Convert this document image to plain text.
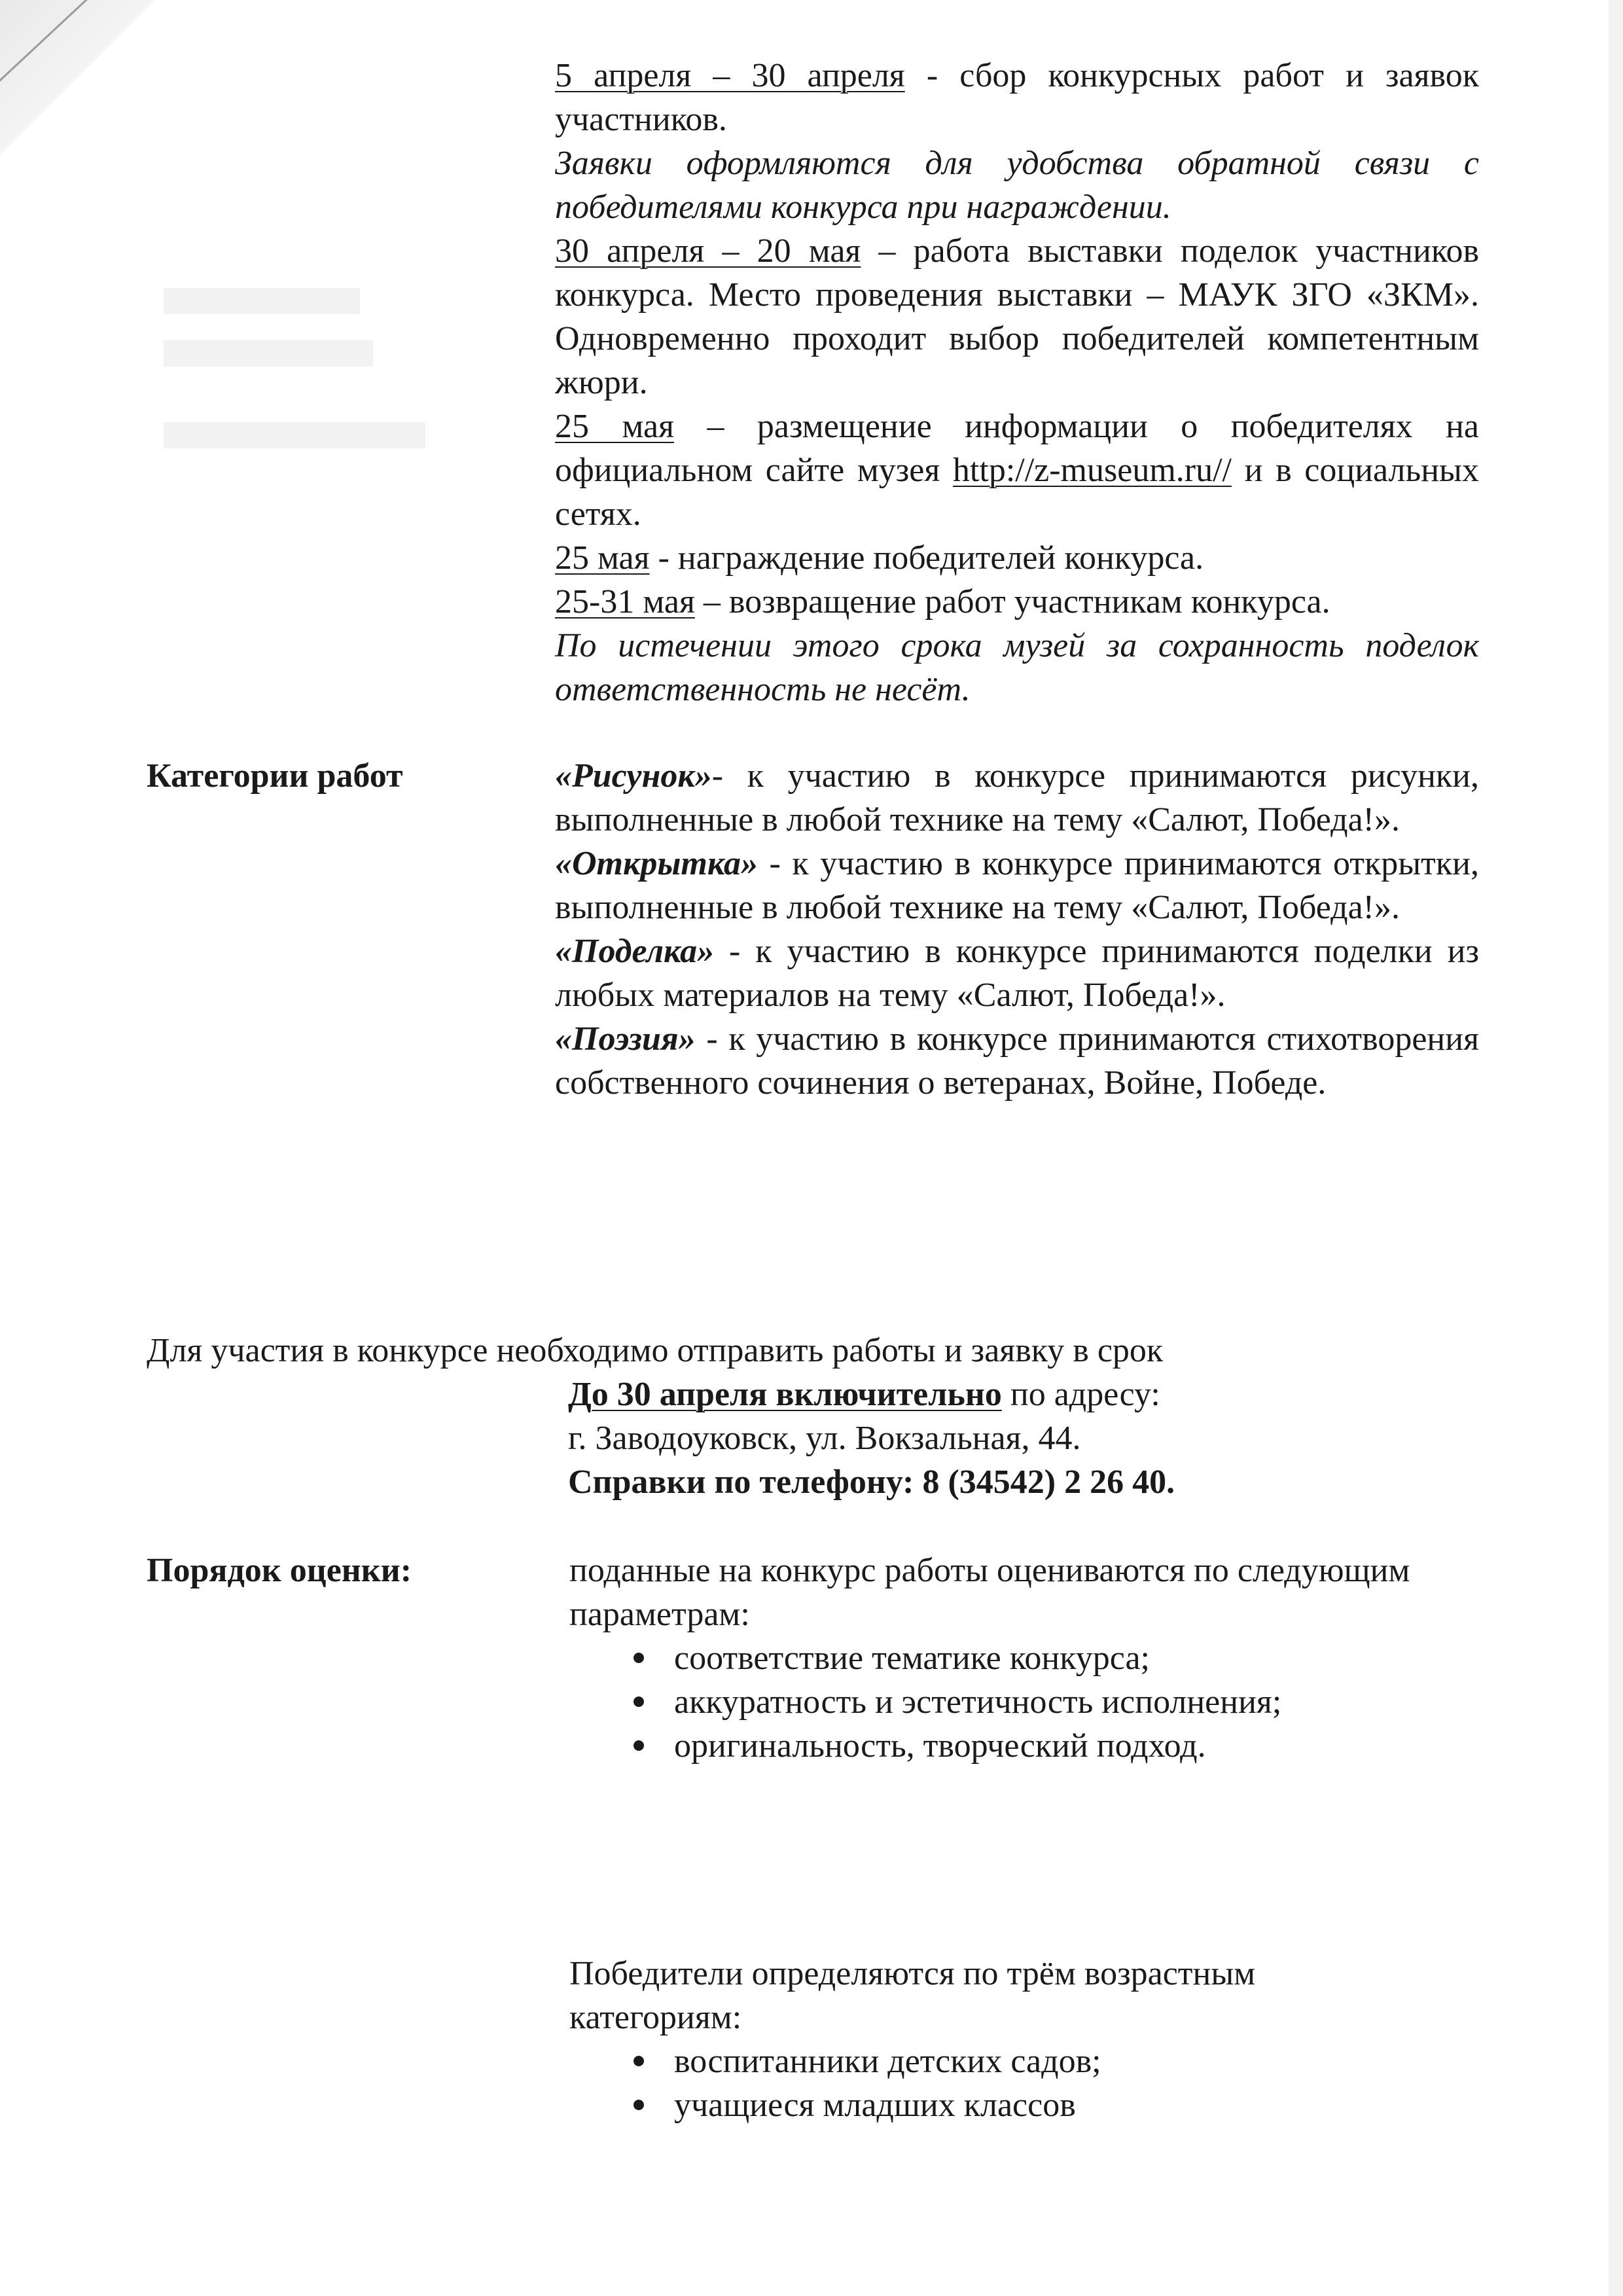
5 апреля – 30 апреля - сбор конкурсных работ и заявок участников.

Заявки оформляются для удобства обратной связи с победителями конкурса при награждении.

30 апреля – 20 мая – работа выставки поделок участников конкурса. Место проведения выставки – МАУК ЗГО «ЗКМ». Одновременно проходит выбор победителей компетентным жюри.

25 мая – размещение информации о победителях на официальном сайте музея http://z-museum.ru// и в социальных сетях.

25 мая - награждение победителей конкурса.

25-31 мая – возвращение работ участникам конкурса.

По истечении этого срока музей за сохранность поделок ответственность не несёт.

Категории работ	«Рисунок»- к участию в конкурсе принимаются рисунки, выполненные в любой технике на тему «Салют, Победа!».

«Открытка» - к участию в конкурсе принимаются открытки, выполненные в любой технике на тему «Салют, Победа!».

«Поделка» - к участию в конкурсе принимаются поделки из любых материалов на тему «Салют, Победа!».

«Поэзия» - к участию в конкурсе принимаются стихотворения собственного сочинения о ветеранах, Войне, Победе.

Для участия в конкурсе необходимо отправить работы и заявку в срок

До 30 апреля включительно по адресу:

г. Заводоуковск, ул. Вокзальная, 44.

Справки по телефону: 8 (34542) 2 26 40.

Порядок оценки:	поданные на конкурс работы оцениваются по следующим параметрам:

соответствие тематике конкурса;
аккуратность и эстетичность исполнения;
оригинальность, творческий подход.

Победители определяются по трём возрастным категориям:

воспитанники детских садов;
учащиеся младших классов
